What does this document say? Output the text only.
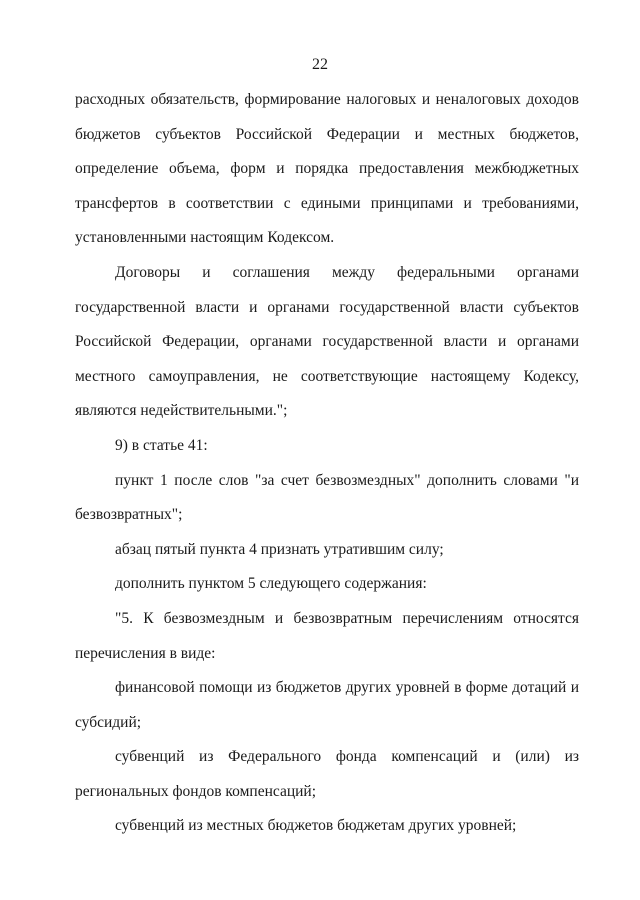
22

расходных обязательств, формирование налоговых и неналоговых доходов бюджетов субъектов Российской Федерации и местных бюджетов, определение объема, форм и порядка предоставления межбюджетных трансфертов в соответствии с едиными принципами и требованиями, установленными настоящим Кодексом.

Договоры и соглашения между федеральными органами государственной власти и органами государственной власти субъектов Российской Федерации, органами государственной власти и органами местного самоуправления, не соответствующие настоящему Кодексу, являются недействительными.";

9) в статье 41:

пункт 1 после слов "за счет безвозмездных" дополнить словами "и безвозвратных";

абзац пятый пункта 4 признать утратившим силу;

дополнить пунктом 5 следующего содержания:

"5. К безвозмездным и безвозвратным перечислениям относятся перечисления в виде:

финансовой помощи из бюджетов других уровней в форме дотаций и субсидий;

субвенций из Федерального фонда компенсаций и (или) из региональных фондов компенсаций;

субвенций из местных бюджетов бюджетам других уровней;
